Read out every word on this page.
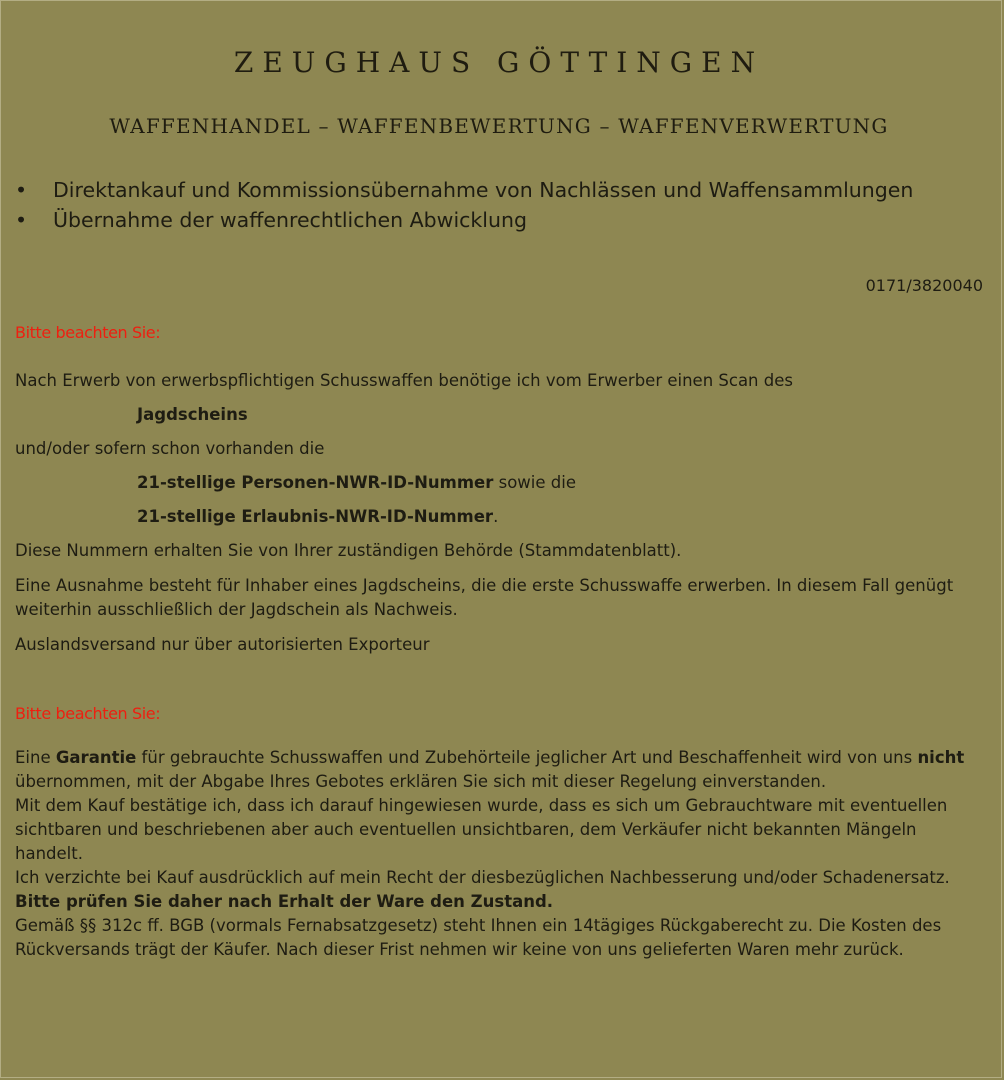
ZEUGHAUS GÖTTINGEN
WAFFENHANDEL – WAFFENBEWERTUNG – WAFFENVERWERTUNG
• Direktankauf und Kommissionsübernahme von Nachlässen und Waffensammlungen
• Übernahme der waffenrechtlichen Abwicklung
0171/3820040
Bitte beachten Sie:

Nach Erwerb von erwerbspflichtigen Schusswaffen benötige ich vom Erwerber einen Scan des

Jagdscheins

und/oder sofern schon vorhanden die

21-stellige Personen-NWR-ID-Nummer sowie die

21-stellige Erlaubnis-NWR-ID-Nummer.

Diese Nummern erhalten Sie von Ihrer zuständigen Behörde (Stammdatenblatt).

Eine Ausnahme besteht für Inhaber eines Jagdscheins, die die erste Schusswaffe erwerben. In diesem Fall genügt weiterhin ausschließlich der Jagdschein als Nachweis.

Auslandsversand nur über autorisierten Exporteur

Bitte beachten Sie:

Eine Garantie für gebrauchte Schusswaffen und Zubehörteile jeglicher Art und Beschaffenheit wird von uns nicht übernommen, mit der Abgabe Ihres Gebotes erklären Sie sich mit dieser Regelung einverstanden.

Mit dem Kauf bestätige ich, dass ich darauf hingewiesen wurde, dass es sich um Gebrauchtware mit eventuellen sichtbaren und beschriebenen aber auch eventuellen unsichtbaren, dem Verkäufer nicht bekannten Mängeln handelt.

Ich verzichte bei Kauf ausdrücklich auf mein Recht der diesbezüglichen Nachbesserung und/oder Schadenersatz.

Bitte prüfen Sie daher nach Erhalt der Ware den Zustand.

Gemäß §§ 312c ff. BGB (vormals Fernabsatzgesetz) steht Ihnen ein 14tägiges Rückgaberecht zu. Die Kosten des Rückversands trägt der Käufer. Nach dieser Frist nehmen wir keine von uns gelieferten Waren mehr zurück.
